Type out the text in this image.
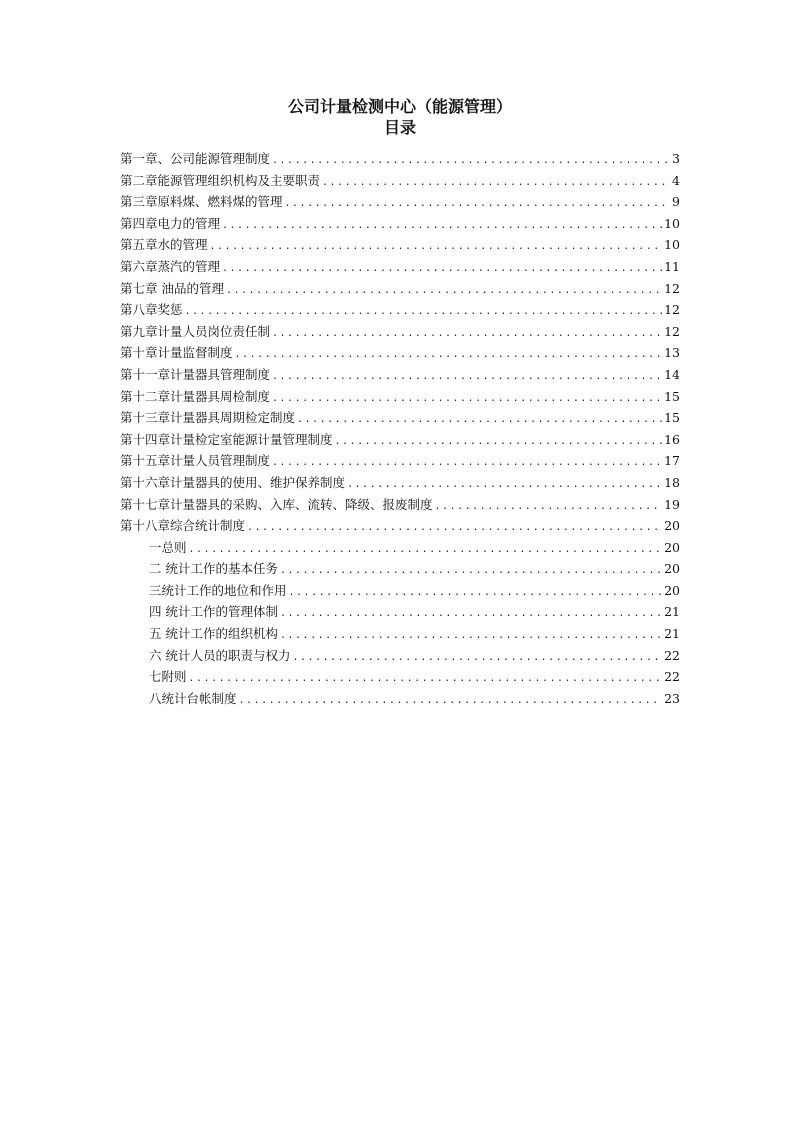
公司计量检测中心（能源管理）
目录
第一章、公司能源管理制度 .....	3
第二章能源管理组织机构及主要职责 .....	4
第三章原料煤、燃料煤的管理 .....	9
第四章电力的管理 .....	10
第五章水的管理 .....	10
第六章蒸汽的管理 .....	11
第七章 油品的管理 .....	12
第八章奖惩 .....	12
第九章计量人员岗位责任制 .....	12
第十章计量监督制度 .....	13
第十一章计量器具管理制度 .....	14
第十二章计量器具周检制度 .....	15
第十三章计量器具周期检定制度 .....	15
第十四章计量检定室能源计量管理制度 .....	16
第十五章计量人员管理制度 .....	17
第十六章计量器具的使用、维护保养制度 .....	18
第十七章计量器具的采购、入库、流转、降级、报废制度 .....	19
第十八章综合统计制度 .....	20
一总则 .....	20
二 统计工作的基本任务 .....	20
三统计工作的地位和作用 .....	20
四 统计工作的管理体制 .....	21
五 统计工作的组织机构 .....	21
六 统计人员的职责与权力 .....	22
七附则 .....	22
八统计台帐制度 .....	23
